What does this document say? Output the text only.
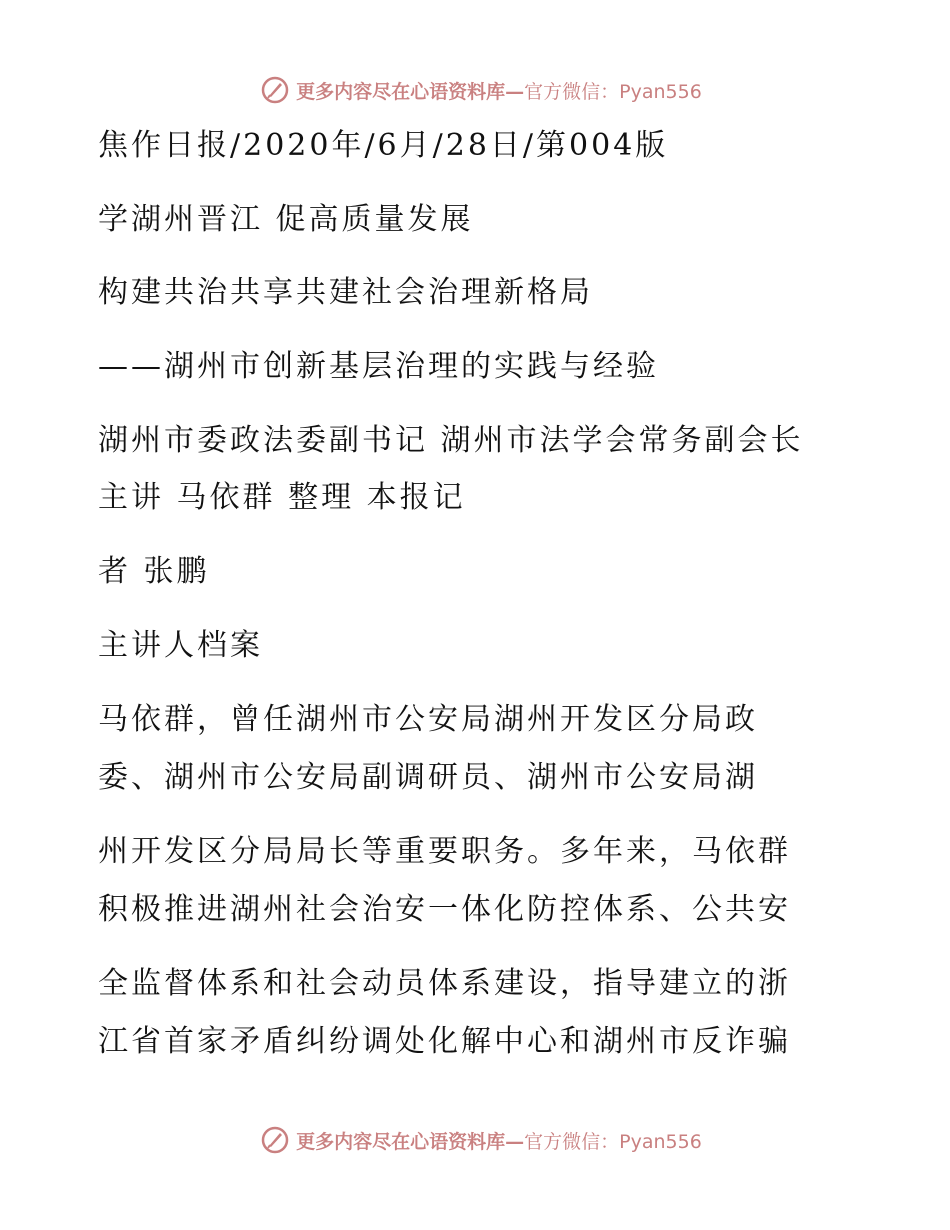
更多内容尽在心语资料库— 官方微信：Pyan556
焦作日报/2020年/6月/28日/第004版
学湖州晋江 促高质量发展
构建共治共享共建社会治理新格局
——湖州市创新基层治理的实践与经验
湖州市委政法委副书记 湖州市法学会常务副会长
主讲 马依群 整理 本报记
者 张鹏
主讲人档案
马依群，曾任湖州市公安局湖州开发区分局政
委、湖州市公安局副调研员、湖州市公安局湖
州开发区分局局长等重要职务。多年来，马依群
积极推进湖州社会治安一体化防控体系、公共安
全监督体系和社会动员体系建设，指导建立的浙
江省首家矛盾纠纷调处化解中心和湖州市反诈骗
更多内容尽在心语资料库— 官方微信：Pyan556
